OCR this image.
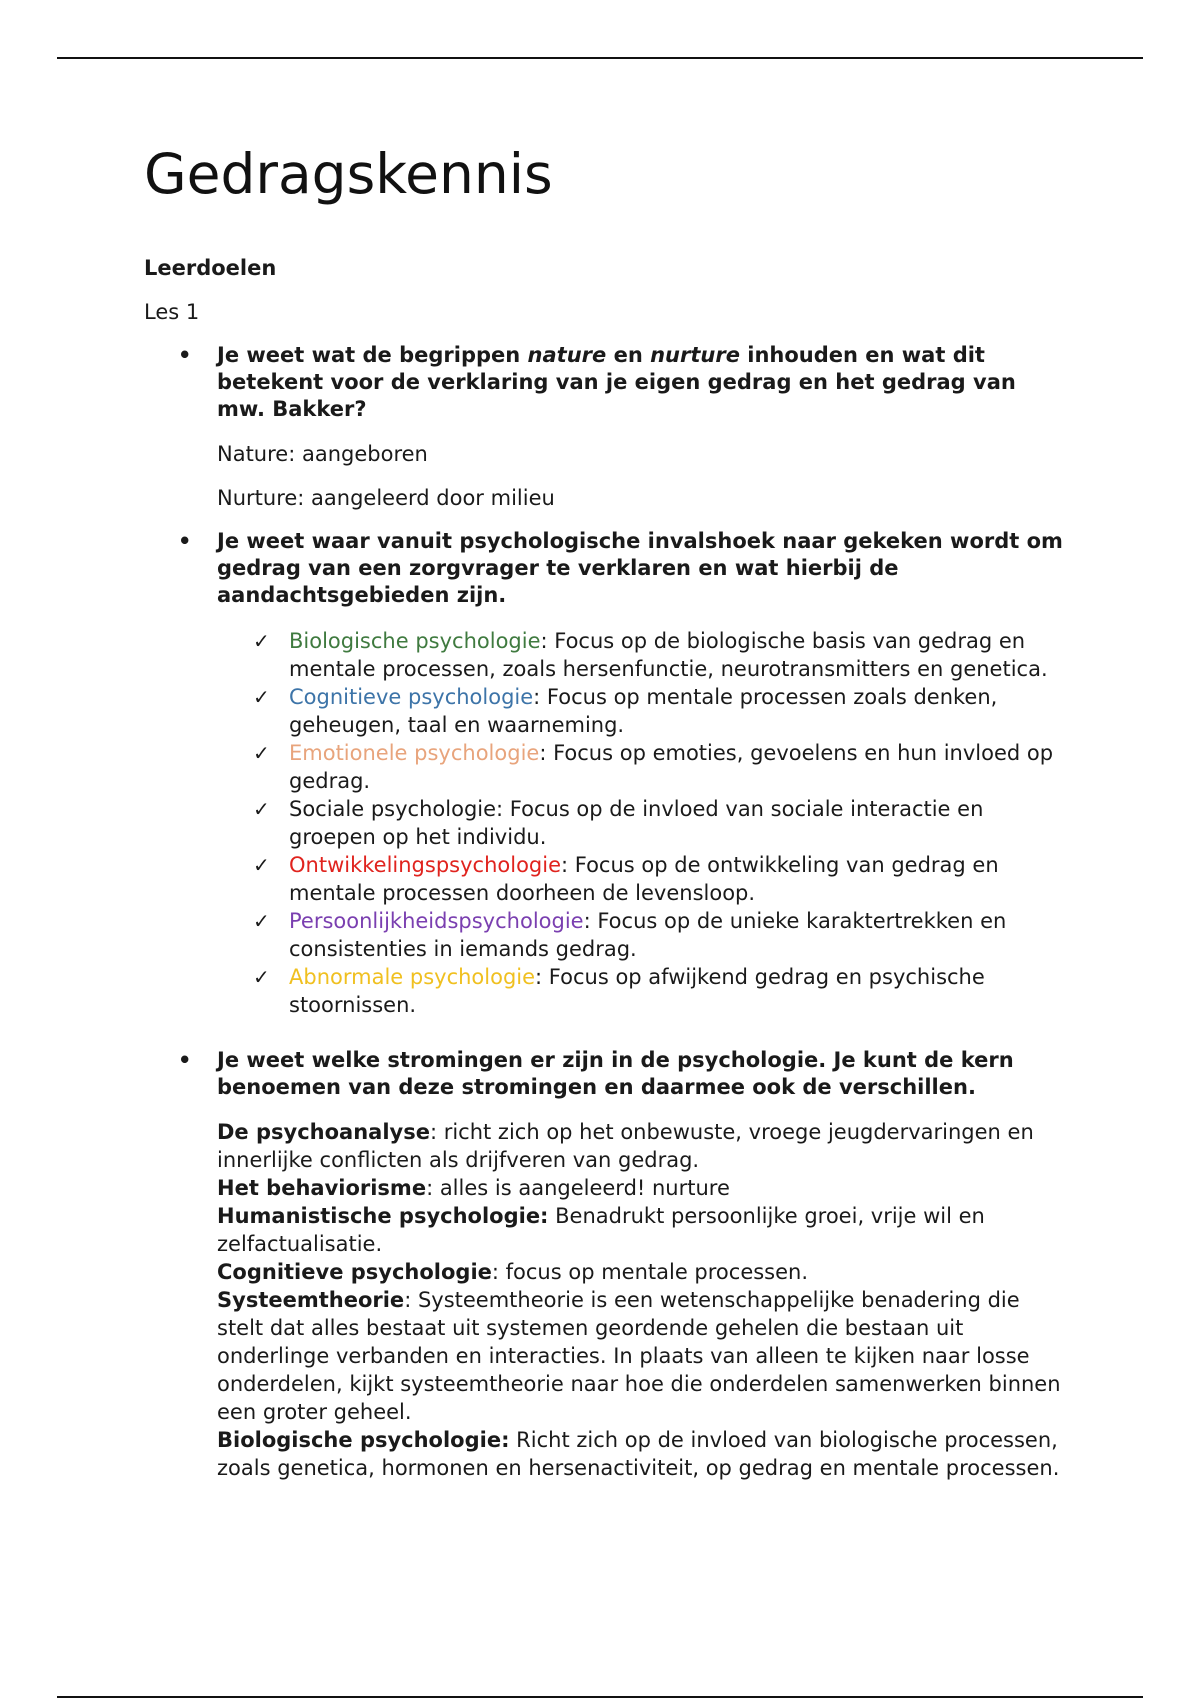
Gedragskennis
Leerdoelen
Les 1
• Je weet wat de begrippen nature en nurture inhouden en wat dit betekent voor de verklaring van je eigen gedrag en het gedrag van mw. Bakker?
Nature: aangeboren
Nurture: aangeleerd door milieu
• Je weet waar vanuit psychologische invalshoek naar gekeken wordt om gedrag van een zorgvrager te verklaren en wat hierbij de aandachtsgebieden zijn.
✓ Biologische psychologie: Focus op de biologische basis van gedrag en mentale processen, zoals hersenfunctie, neurotransmitters en genetica.
✓ Cognitieve psychologie: Focus op mentale processen zoals denken, geheugen, taal en waarneming.
✓ Emotionele psychologie: Focus op emoties, gevoelens en hun invloed op gedrag.
✓ Sociale psychologie: Focus op de invloed van sociale interactie en groepen op het individu.
✓ Ontwikkelingspsychologie: Focus op de ontwikkeling van gedrag en mentale processen doorheen de levensloop.
✓ Persoonlijkheidspsychologie: Focus op de unieke karaktertrekken en consistenties in iemands gedrag.
✓ Abnormale psychologie: Focus op afwijkend gedrag en psychische stoornissen.
• Je weet welke stromingen er zijn in de psychologie. Je kunt de kern benoemen van deze stromingen en daarmee ook de verschillen.
De psychoanalyse: richt zich op het onbewuste, vroege jeugdervaringen en innerlijke conflicten als drijfveren van gedrag.
Het behaviorisme: alles is aangeleerd! nurture
Humanistische psychologie: Benadrukt persoonlijke groei, vrije wil en zelfactualisatie.
Cognitieve psychologie: focus op mentale processen.
Systeemtheorie: Systeemtheorie is een wetenschappelijke benadering die stelt dat alles bestaat uit systemen geordende gehelen die bestaan uit onderlinge verbanden en interacties. In plaats van alleen te kijken naar losse onderdelen, kijkt systeemtheorie naar hoe die onderdelen samenwerken binnen een groter geheel.
Biologische psychologie: Richt zich op de invloed van biologische processen, zoals genetica, hormonen en hersenactiviteit, op gedrag en mentale processen.
